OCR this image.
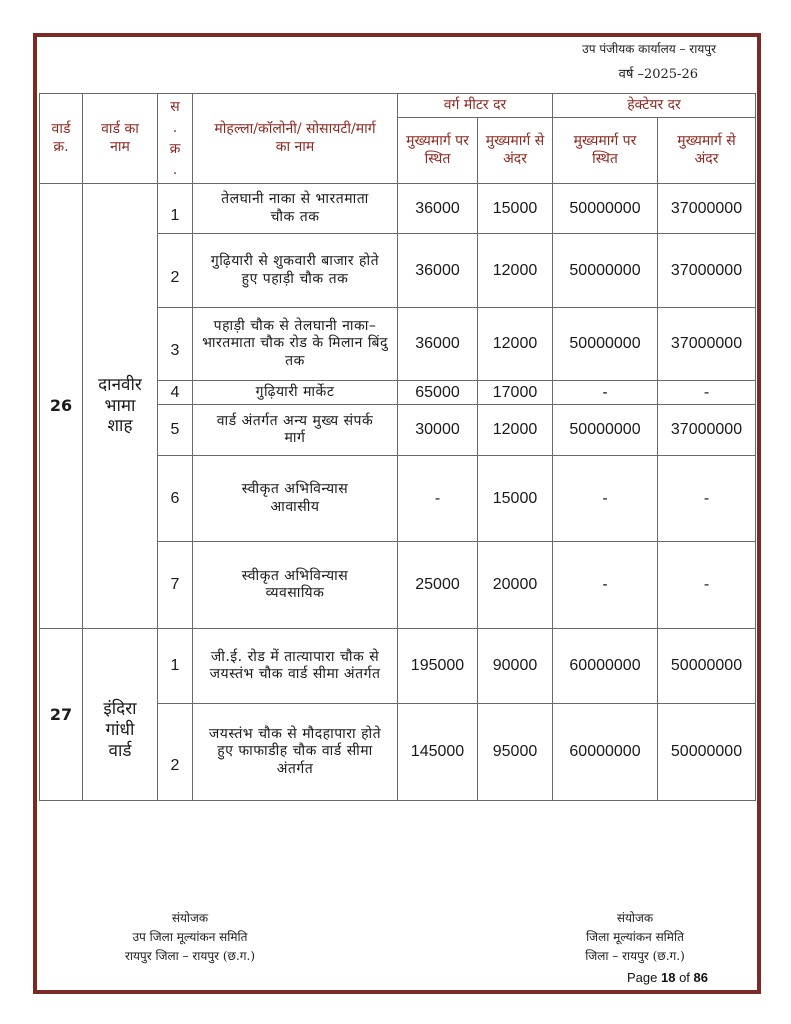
उप पंजीयक कार्यालय – रायपुर
वर्ष –2025-26
वार्ड क्र.	वार्ड का नाम	स . क्र .	मोहल्ला/कॉलोनी/ सोसायटी/मार्ग का नाम	वर्ग मीटर दर		हेक्टेयर दर	
				मुख्यमार्ग पर स्थित	मुख्यमार्ग से अंदर	मुख्यमार्ग पर स्थित	मुख्यमार्ग से अंदर
26	दानवीर भामा शाह	1	तेलघानी नाका से भारतमाता चौक तक	36000	15000	50000000	37000000
		2	गुढ़ियारी से शुकवारी बाजार होते हुए पहाड़ी चौक तक	36000	12000	50000000	37000000
		3	पहाड़ी चौक से तेलघानी नाका–भारतमाता चौक रोड के मिलान बिंदु तक	36000	12000	50000000	37000000
		4	गुढ़ियारी मार्केट	65000	17000	-	-
		5	वार्ड अंतर्गत अन्य मुख्य संपर्क मार्ग	30000	12000	50000000	37000000
		6	स्वीकृत अभिविन्यास आवासीय	-	15000	-	-
		7	स्वीकृत अभिविन्यास व्यवसायिक	25000	20000	-	-
27	इंदिरा गांधी वार्ड	1	जी.ई. रोड में तात्यापारा चौक से जयस्तंभ चौक वार्ड सीमा अंतर्गत	195000	90000	60000000	50000000
		2	जयस्तंभ चौक से मौदहापारा होते हुए फाफाडीह चौक वार्ड सीमा अंतर्गत	145000	95000	60000000	50000000
संयोजक
उप जिला मूल्यांकन समिति
रायपुर जिला – रायपुर (छ.ग.)
संयोजक
जिला मूल्यांकन समिति
जिला – रायपुर (छ.ग.)
Page 18 of 86
